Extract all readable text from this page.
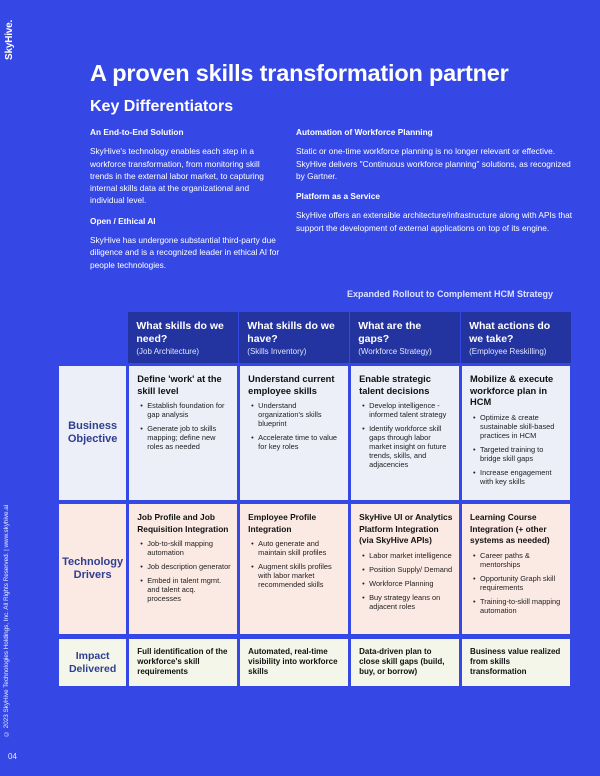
SkyHive.
A proven skills transformation partner
Key Differentiators
An End-to-End Solution

SkyHive's technology enables each step in a workforce transformation, from monitoring skill trends in the external labor market, to capturing internal skills data at the organizational and individual level.

Open / Ethical AI

SkyHive has undergone substantial third-party due diligence and is a recognized leader in ethical AI for people technologies.

Automation of Workforce Planning

Static or one-time workforce planning is no longer relevant or effective. SkyHive delivers "Continuous workforce planning" solutions, as recognized by Gartner.

Platform as a Service

SkyHive offers an extensible architecture/infrastructure along with APIs that support the development of external applications on top of its engine.

Expanded Rollout to Complement HCM Strategy
What skills do we need?
(Job Architecture)
What skills do we have?
(Skills Inventory)
What are the gaps?
(Workforce Strategy)
What actions do we take?
(Employee Reskilling)
Business Objective
Define 'work' at the skill level
• Establish foundation for gap analysis
• Generate job to skills mapping; define new roles as needed
Understand current employee skills
• Understand organization's skills blueprint
• Accelerate time to value for key roles
Enable strategic talent decisions
• Develop intelligence - informed talent strategy
• Identify workforce skill gaps through labor market insight on future trends, skills, and adjacencies
Mobilize & execute workforce plan in HCM
• Optimize & create sustainable skill-based practices in HCM
• Targeted training to bridge skill gaps
• Increase engagement with key skills
Technology Drivers
Job Profile and Job Requisition Integration
• Job-to-skill mapping automation
• Job description generator
• Embed in talent mgmt. and talent acq. processes
Employee Profile Integration
• Auto generate and maintain skill profiles
• Augment skills profiles with labor market recommended skills
SkyHive UI or Analytics Platform Integration (via SkyHive APIs)
• Labor market intelligence
• Position Supply/ Demand
• Workforce Planning
• Buy strategy leans on adjacent roles
Learning Course Integration (+ other systems as needed)
• Career paths & mentorships
• Opportunity Graph skill requirements
• Training-to-skill mapping automation
Impact Delivered
Full identification of the workforce's skill requirements
Automated, real-time visibility into workforce skills
Data-driven plan to close skill gaps (build, buy, or borrow)
Business value realized from skills transformation
© 2023 SkyHive Technologies Holdings, Inc. All Rights Reserved. | www.skyhive.ai
04
